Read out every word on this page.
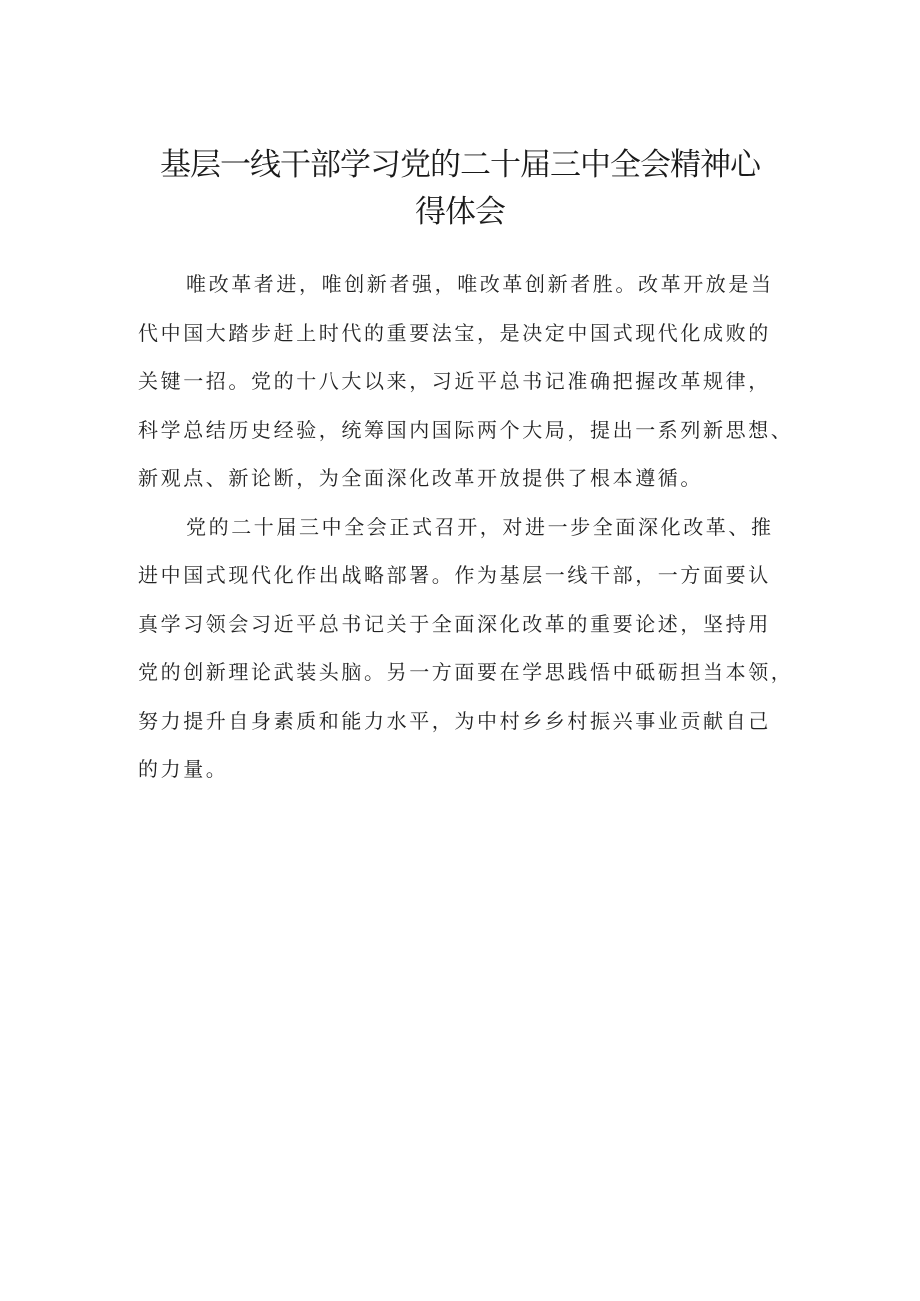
基层一线干部学习党的二十届三中全会精神心
得体会
唯改革者进，唯创新者强，唯改革创新者胜。改革开放是当
代中国大踏步赶上时代的重要法宝，是决定中国式现代化成败的
关键一招。党的十八大以来，习近平总书记准确把握改革规律，
科学总结历史经验，统筹国内国际两个大局，提出一系列新思想、
新观点、新论断，为全面深化改革开放提供了根本遵循。
党的二十届三中全会正式召开，对进一步全面深化改革、推
进中国式现代化作出战略部署。作为基层一线干部，一方面要认
真学习领会习近平总书记关于全面深化改革的重要论述，坚持用
党的创新理论武装头脑。另一方面要在学思践悟中砥砺担当本领，
努力提升自身素质和能力水平，为中村乡乡村振兴事业贡献自己
的力量。
